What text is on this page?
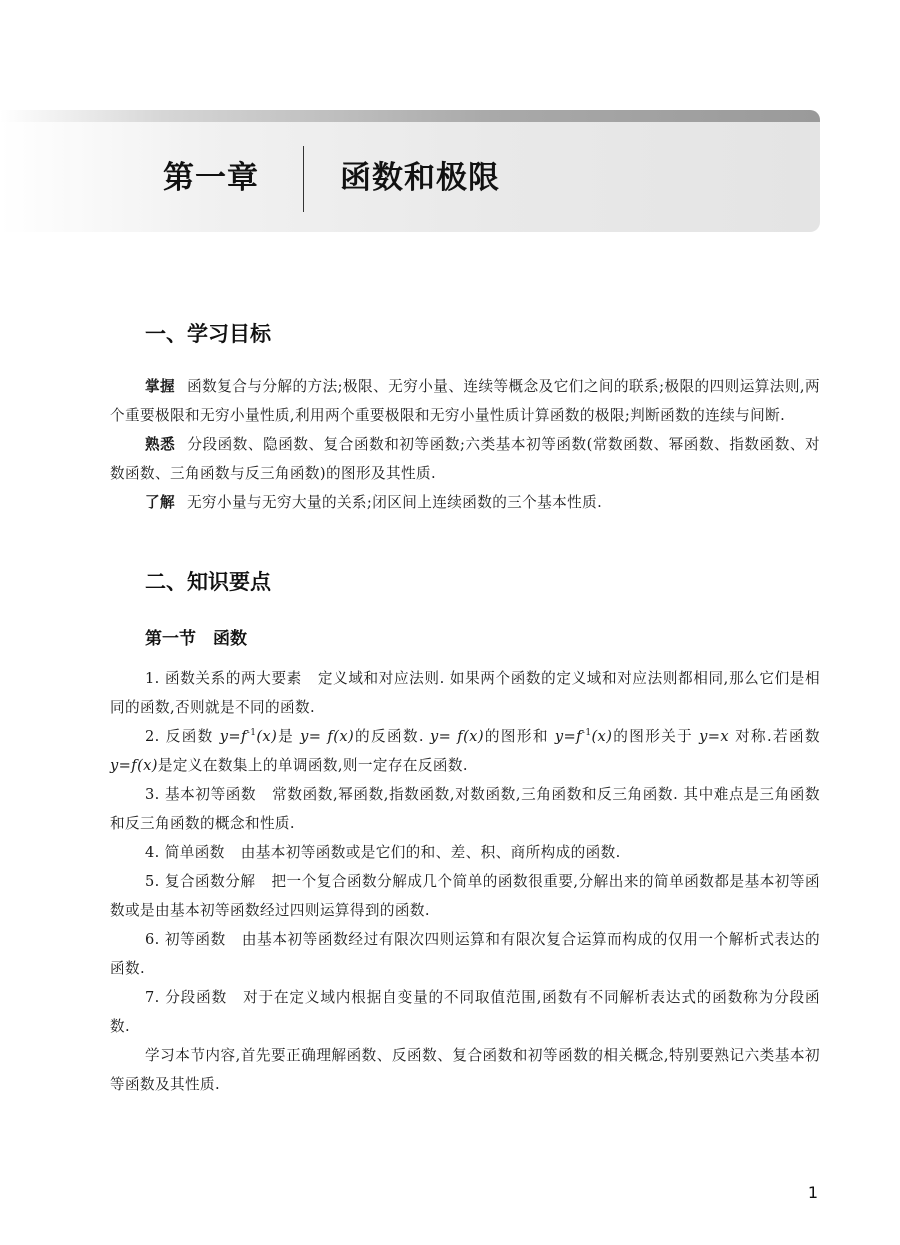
第一章	函数和极限
一、学习目标

掌握 函数复合与分解的方法;极限、无穷小量、连续等概念及它们之间的联系;极限的四则运算法则,两个重要极限和无穷小量性质,利用两个重要极限和无穷小量性质计算函数的极限;判断函数的连续与间断.

熟悉 分段函数、隐函数、复合函数和初等函数;六类基本初等函数(常数函数、幂函数、指数函数、对数函数、三角函数与反三角函数)的图形及其性质.

了解 无穷小量与无穷大量的关系;闭区间上连续函数的三个基本性质.

二、知识要点
第一节　函数

1. 函数关系的两大要素 定义域和对应法则. 如果两个函数的定义域和对应法则都相同,那么它们是相同的函数,否则就是不同的函数.

2. 反函数 $y=f^{-1}(x)$是 y= f(x)的反函数. y= f(x)的图形和 $y=f^{-1}(x)$的图形关于 y=x 对称.若函数 y=f(x)是定义在数集上的单调函数,则一定存在反函数.

3. 基本初等函数 常数函数,幂函数,指数函数,对数函数,三角函数和反三角函数. 其中难点是三角函数和反三角函数的概念和性质.

4. 简单函数 由基本初等函数或是它们的和、差、积、商所构成的函数.

5. 复合函数分解 把一个复合函数分解成几个简单的函数很重要,分解出来的简单函数都是基本初等函数或是由基本初等函数经过四则运算得到的函数.

6. 初等函数 由基本初等函数经过有限次四则运算和有限次复合运算而构成的仅用一个解析式表达的函数.

7. 分段函数 对于在定义域内根据自变量的不同取值范围,函数有不同解析表达式的函数称为分段函数.

学习本节内容,首先要正确理解函数、反函数、复合函数和初等函数的相关概念,特别要熟记六类基本初等函数及其性质.

1
